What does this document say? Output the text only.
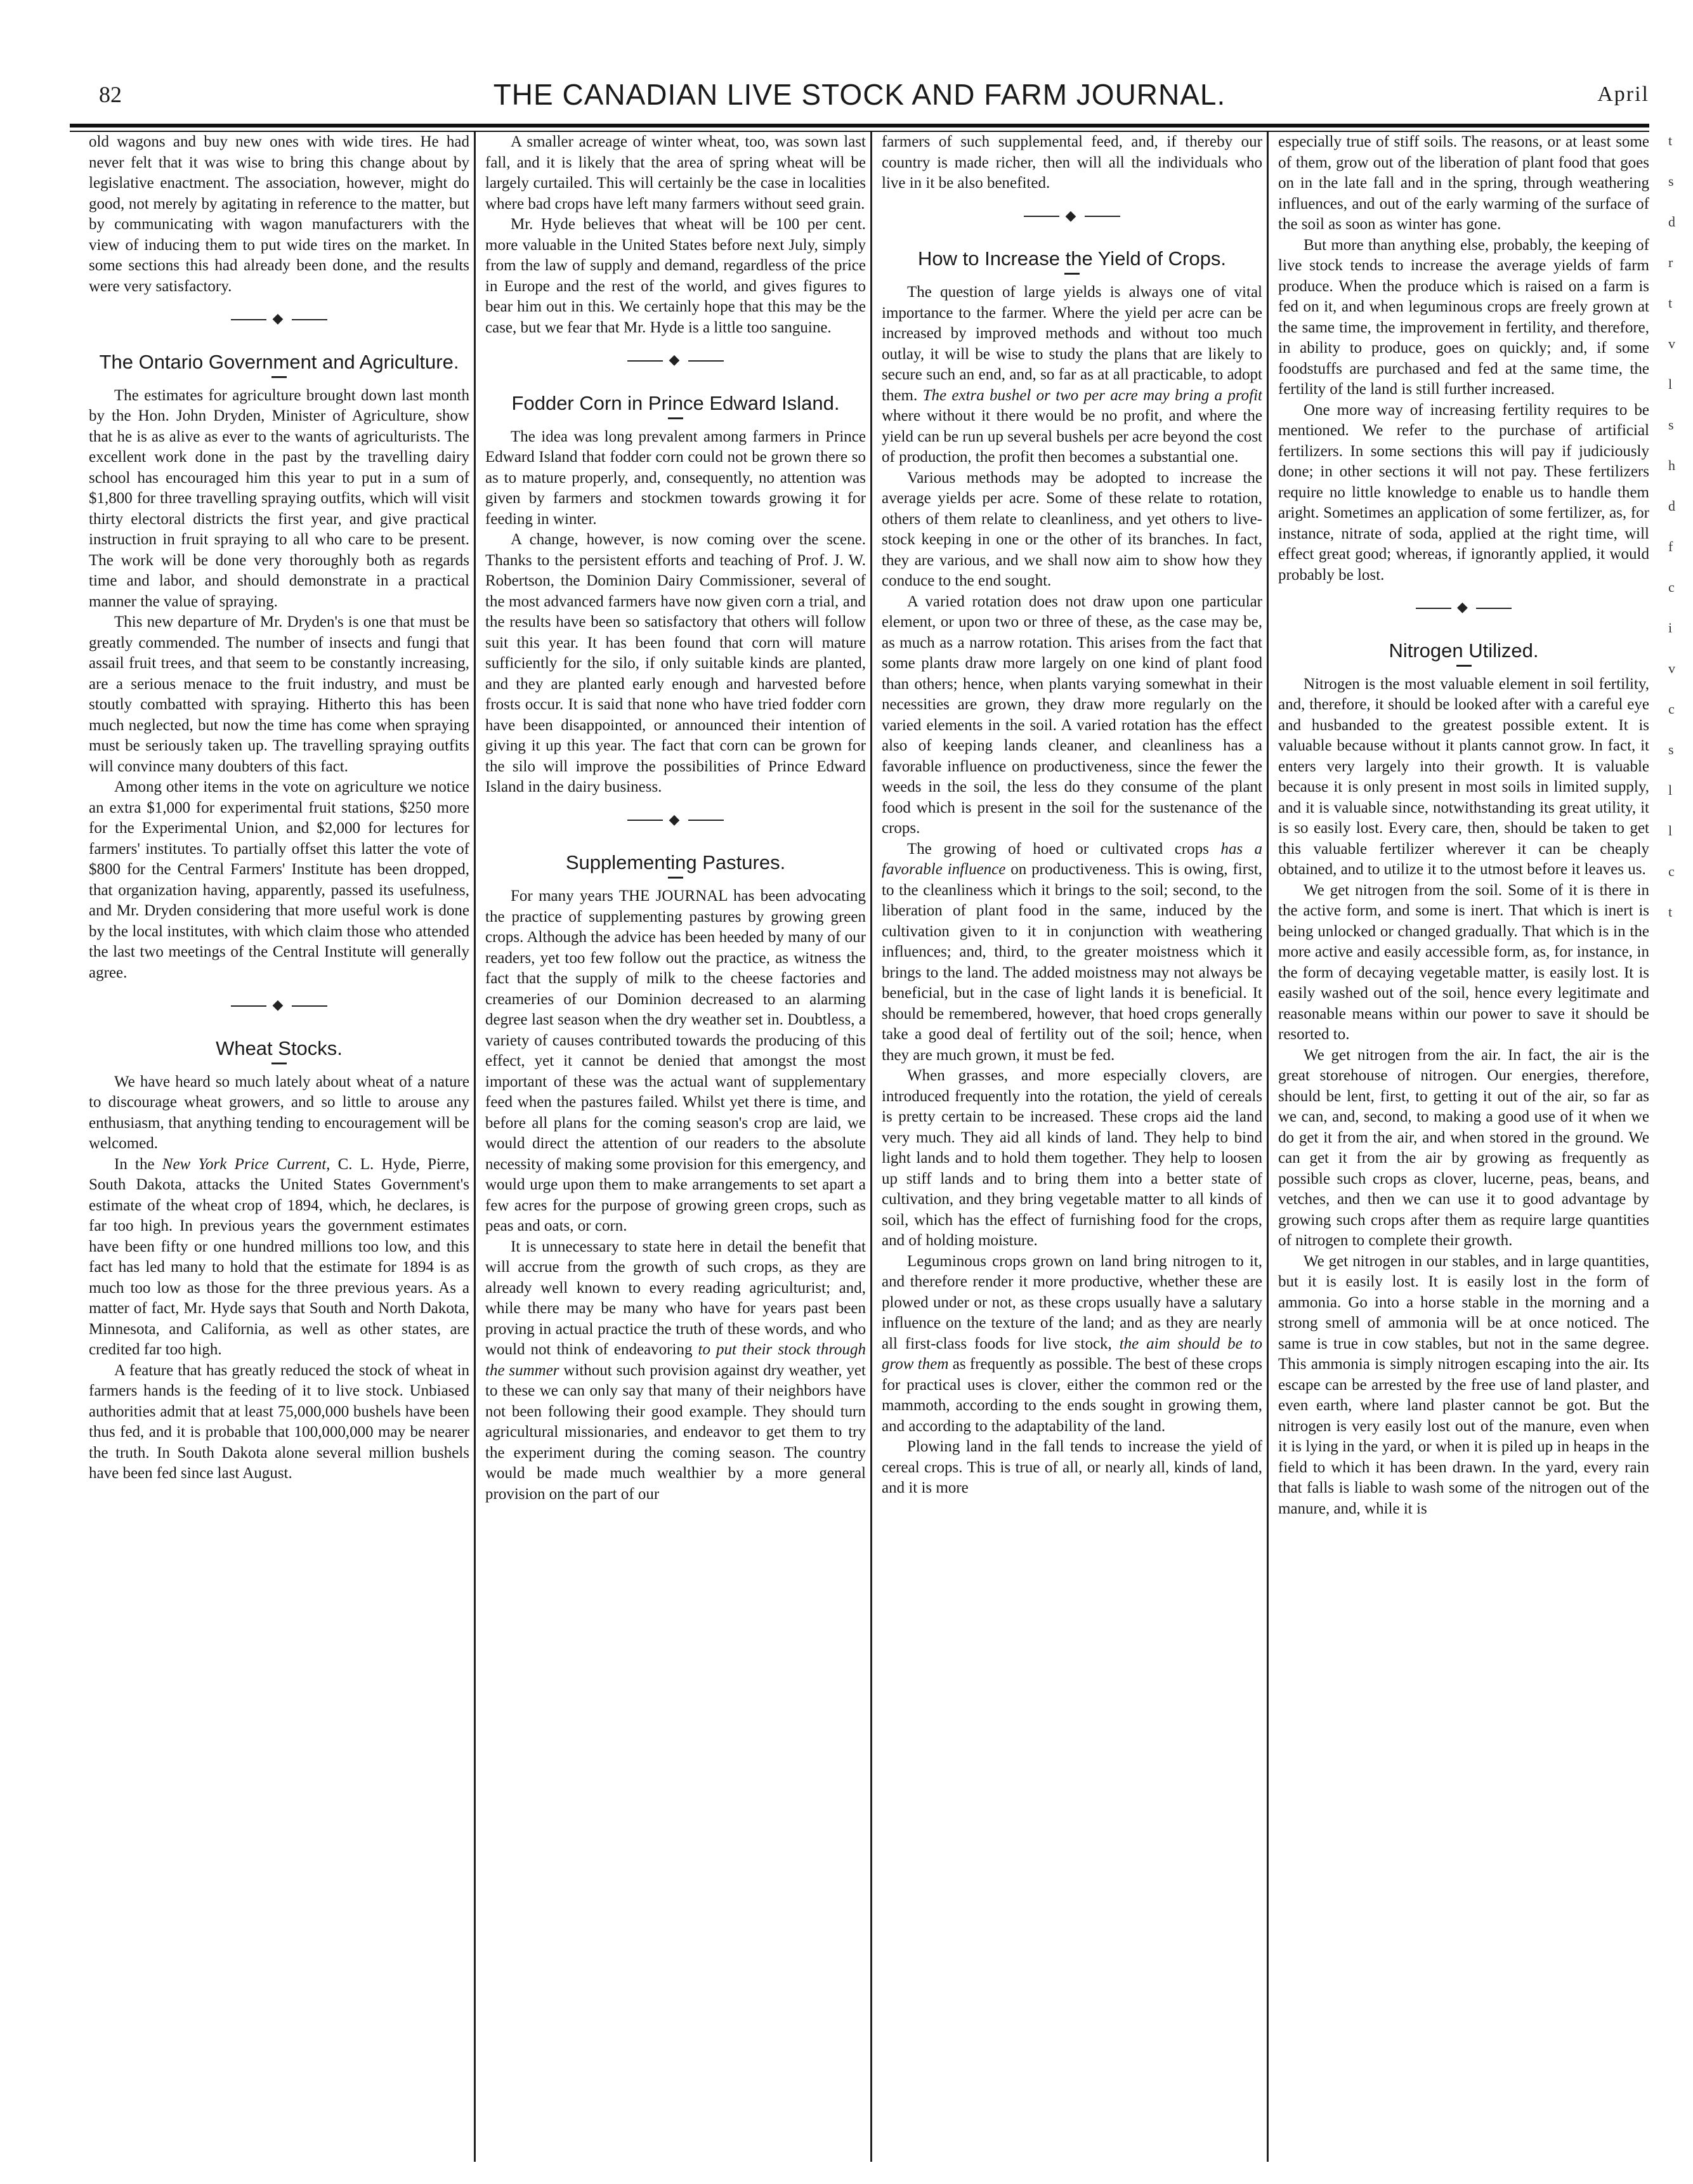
82	THE CANADIAN LIVE STOCK AND FARM JOURNAL.	April

old wagons and buy new ones with wide tires. He had never felt that it was wise to bring this change about by legislative enactment. The association, however, might do good, not merely by agitating in reference to the matter, but by communicating with wagon manufacturers with the view of inducing them to put wide tires on the market. In some sections this had already been done, and the results were very satisfactory.

◆
The Ontario Government and Agriculture.

The estimates for agriculture brought down last month by the Hon. John Dryden, Minister of Agriculture, show that he is as alive as ever to the wants of agriculturists. The excellent work done in the past by the travelling dairy school has encouraged him this year to put in a sum of $1,800 for three travelling spraying outfits, which will visit thirty electoral districts the first year, and give practical instruction in fruit spraying to all who care to be present. The work will be done very thoroughly both as regards time and labor, and should demonstrate in a practical manner the value of spraying.

This new departure of Mr. Dryden's is one that must be greatly commended. The number of insects and fungi that assail fruit trees, and that seem to be constantly increasing, are a serious menace to the fruit industry, and must be stoutly combatted with spraying. Hitherto this has been much neglected, but now the time has come when spraying must be seriously taken up. The travelling spraying outfits will convince many doubters of this fact.

Among other items in the vote on agriculture we notice an extra $1,000 for experimental fruit stations, $250 more for the Experimental Union, and $2,000 for lectures for farmers' institutes. To partially offset this latter the vote of $800 for the Central Farmers' Institute has been dropped, that organization having, apparently, passed its usefulness, and Mr. Dryden considering that more useful work is done by the local institutes, with which claim those who attended the last two meetings of the Central Institute will generally agree.

◆
Wheat Stocks.

We have heard so much lately about wheat of a nature to discourage wheat growers, and so little to arouse any enthusiasm, that anything tending to encouragement will be welcomed.

In the New York Price Current, C. L. Hyde, Pierre, South Dakota, attacks the United States Government's estimate of the wheat crop of 1894, which, he declares, is far too high. In previous years the government estimates have been fifty or one hundred millions too low, and this fact has led many to hold that the estimate for 1894 is as much too low as those for the three previous years. As a matter of fact, Mr. Hyde says that South and North Dakota, Minnesota, and California, as well as other states, are credited far too high.

A feature that has greatly reduced the stock of wheat in farmers hands is the feeding of it to live stock. Unbiased authorities admit that at least 75,000,000 bushels have been thus fed, and it is probable that 100,000,000 may be nearer the truth. In South Dakota alone several million bushels have been fed since last August.

A smaller acreage of winter wheat, too, was sown last fall, and it is likely that the area of spring wheat will be largely curtailed. This will certainly be the case in localities where bad crops have left many farmers without seed grain.

Mr. Hyde believes that wheat will be 100 per cent. more valuable in the United States before next July, simply from the law of supply and demand, regardless of the price in Europe and the rest of the world, and gives figures to bear him out in this. We certainly hope that this may be the case, but we fear that Mr. Hyde is a little too sanguine.

◆
Fodder Corn in Prince Edward Island.

The idea was long prevalent among farmers in Prince Edward Island that fodder corn could not be grown there so as to mature properly, and, consequently, no attention was given by farmers and stockmen towards growing it for feeding in winter.

A change, however, is now coming over the scene. Thanks to the persistent efforts and teaching of Prof. J. W. Robertson, the Dominion Dairy Commissioner, several of the most advanced farmers have now given corn a trial, and the results have been so satisfactory that others will follow suit this year. It has been found that corn will mature sufficiently for the silo, if only suitable kinds are planted, and they are planted early enough and harvested before frosts occur. It is said that none who have tried fodder corn have been disappointed, or announced their intention of giving it up this year. The fact that corn can be grown for the silo will improve the possibilities of Prince Edward Island in the dairy business.

◆
Supplementing Pastures.

For many years THE JOURNAL has been advocating the practice of supplementing pastures by growing green crops. Although the advice has been heeded by many of our readers, yet too few follow out the practice, as witness the fact that the supply of milk to the cheese factories and creameries of our Dominion decreased to an alarming degree last season when the dry weather set in. Doubtless, a variety of causes contributed towards the producing of this effect, yet it cannot be denied that amongst the most important of these was the actual want of supplementary feed when the pastures failed. Whilst yet there is time, and before all plans for the coming season's crop are laid, we would direct the attention of our readers to the absolute necessity of making some provision for this emergency, and would urge upon them to make arrangements to set apart a few acres for the purpose of growing green crops, such as peas and oats, or corn.

It is unnecessary to state here in detail the benefit that will accrue from the growth of such crops, as they are already well known to every reading agriculturist; and, while there may be many who have for years past been proving in actual practice the truth of these words, and who would not think of endeavoring to put their stock through the summer without such provision against dry weather, yet to these we can only say that many of their neighbors have not been following their good example. They should turn agricultural missionaries, and endeavor to get them to try the experiment during the coming season. The country would be made much wealthier by a more general provision on the part of our

farmers of such supplemental feed, and, if thereby our country is made richer, then will all the individuals who live in it be also benefited.

◆
How to Increase the Yield of Crops.

The question of large yields is always one of vital importance to the farmer. Where the yield per acre can be increased by improved methods and without too much outlay, it will be wise to study the plans that are likely to secure such an end, and, so far as at all practicable, to adopt them. The extra bushel or two per acre may bring a profit where without it there would be no profit, and where the yield can be run up several bushels per acre beyond the cost of production, the profit then becomes a substantial one.

Various methods may be adopted to increase the average yields per acre. Some of these relate to rotation, others of them relate to cleanliness, and yet others to live-stock keeping in one or the other of its branches. In fact, they are various, and we shall now aim to show how they conduce to the end sought.

A varied rotation does not draw upon one particular element, or upon two or three of these, as the case may be, as much as a narrow rotation. This arises from the fact that some plants draw more largely on one kind of plant food than others; hence, when plants varying somewhat in their necessities are grown, they draw more regularly on the varied elements in the soil. A varied rotation has the effect also of keeping lands cleaner, and cleanliness has a favorable influence on productiveness, since the fewer the weeds in the soil, the less do they consume of the plant food which is present in the soil for the sustenance of the crops.

The growing of hoed or cultivated crops has a favorable influence on productiveness. This is owing, first, to the cleanliness which it brings to the soil; second, to the liberation of plant food in the same, induced by the cultivation given to it in conjunction with weathering influences; and, third, to the greater moistness which it brings to the land. The added moistness may not always be beneficial, but in the case of light lands it is beneficial. It should be remembered, however, that hoed crops generally take a good deal of fertility out of the soil; hence, when they are much grown, it must be fed.

When grasses, and more especially clovers, are introduced frequently into the rotation, the yield of cereals is pretty certain to be increased. These crops aid the land very much. They aid all kinds of land. They help to bind light lands and to hold them together. They help to loosen up stiff lands and to bring them into a better state of cultivation, and they bring vegetable matter to all kinds of soil, which has the effect of furnishing food for the crops, and of holding moisture.

Leguminous crops grown on land bring nitrogen to it, and therefore render it more productive, whether these are plowed under or not, as these crops usually have a salutary influence on the texture of the land; and as they are nearly all first-class foods for live stock, the aim should be to grow them as frequently as possible. The best of these crops for practical uses is clover, either the common red or the mammoth, according to the ends sought in growing them, and according to the adaptability of the land.

Plowing land in the fall tends to increase the yield of cereal crops. This is true of all, or nearly all, kinds of land, and it is more

especially true of stiff soils. The reasons, or at least some of them, grow out of the liberation of plant food that goes on in the late fall and in the spring, through weathering influences, and out of the early warming of the surface of the soil as soon as winter has gone.

But more than anything else, probably, the keeping of live stock tends to increase the average yields of farm produce. When the produce which is raised on a farm is fed on it, and when leguminous crops are freely grown at the same time, the improvement in fertility, and therefore, in ability to produce, goes on quickly; and, if some foodstuffs are purchased and fed at the same time, the fertility of the land is still further increased.

One more way of increasing fertility requires to be mentioned. We refer to the purchase of artificial fertilizers. In some sections this will pay if judiciously done; in other sections it will not pay. These fertilizers require no little knowledge to enable us to handle them aright. Sometimes an application of some fertilizer, as, for instance, nitrate of soda, applied at the right time, will effect great good; whereas, if ignorantly applied, it would probably be lost.

◆
Nitrogen Utilized.

Nitrogen is the most valuable element in soil fertility, and, therefore, it should be looked after with a careful eye and husbanded to the greatest possible extent. It is valuable because without it plants cannot grow. In fact, it enters very largely into their growth. It is valuable because it is only present in most soils in limited supply, and it is valuable since, notwithstanding its great utility, it is so easily lost. Every care, then, should be taken to get this valuable fertilizer wherever it can be cheaply obtained, and to utilize it to the utmost before it leaves us.

We get nitrogen from the soil. Some of it is there in the active form, and some is inert. That which is inert is being unlocked or changed gradually. That which is in the more active and easily accessible form, as, for instance, in the form of decaying vegetable matter, is easily lost. It is easily washed out of the soil, hence every legitimate and reasonable means within our power to save it should be resorted to.

We get nitrogen from the air. In fact, the air is the great storehouse of nitrogen. Our energies, therefore, should be lent, first, to getting it out of the air, so far as we can, and, second, to making a good use of it when we do get it from the air, and when stored in the ground. We can get it from the air by growing as frequently as possible such crops as clover, lucerne, peas, beans, and vetches, and then we can use it to good advantage by growing such crops after them as require large quantities of nitrogen to complete their growth.

We get nitrogen in our stables, and in large quantities, but it is easily lost. It is easily lost in the form of ammonia. Go into a horse stable in the morning and a strong smell of ammonia will be at once noticed. The same is true in cow stables, but not in the same degree. This ammonia is simply nitrogen escaping into the air. Its escape can be arrested by the free use of land plaster, and even earth, where land plaster cannot be got. But the nitrogen is very easily lost out of the manure, even when it is lying in the yard, or when it is piled up in heaps in the field to which it has been drawn. In the yard, every rain that falls is liable to wash some of the nitrogen out of the manure, and, while it is

t
s
d
r
t
v
l
s
h
d
f
c
i
v
c
s
l
l
c
t
